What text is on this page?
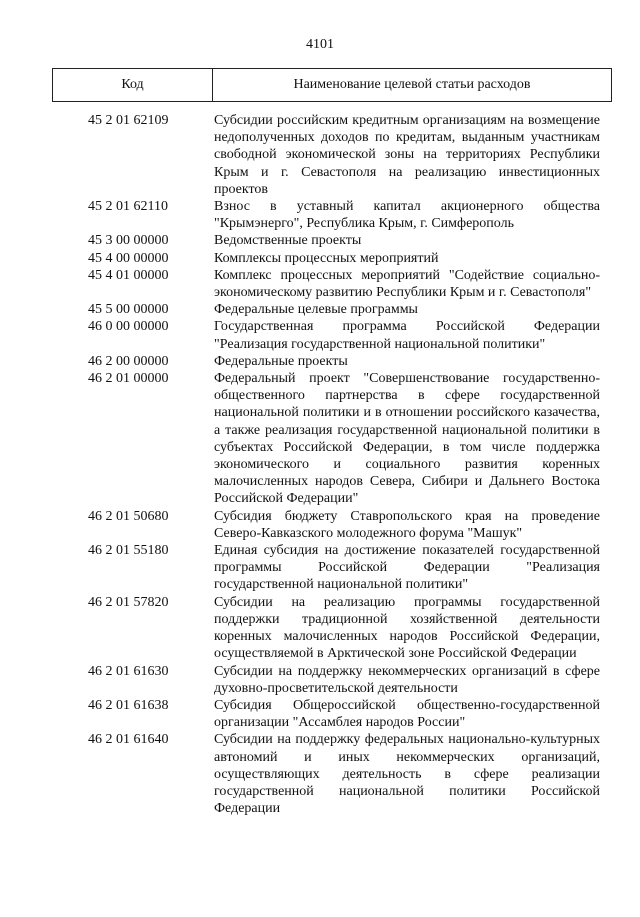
4101
Код	Наименование целевой статьи расходов
45 2 01 62109	Субсидии российским кредитным организациям на возмещение недополученных доходов по кредитам, выданным участникам свободной экономической зоны на территориях Республики Крым и г. Севастополя на реализацию инвестиционных проектов
45 2 01 62110	Взнос в уставный капитал акционерного общества "Крымэнерго", Республика Крым, г. Симферополь
45 3 00 00000	Ведомственные проекты
45 4 00 00000	Комплексы процессных мероприятий
45 4 01 00000	Комплекс процессных мероприятий "Содействие социально-экономическому развитию Республики Крым и г. Севастополя"
45 5 00 00000	Федеральные целевые программы
46 0 00 00000	Государственная программа Российской Федерации "Реализация государственной национальной политики"
46 2 00 00000	Федеральные проекты
46 2 01 00000	Федеральный проект "Совершенствование государственно-общественного партнерства в сфере государственной национальной политики и в отношении российского казачества, а также реализация государственной национальной политики в субъектах Российской Федерации, в том числе поддержка экономического и социального развития коренных малочисленных народов Севера, Сибири и Дальнего Востока Российской Федерации"
46 2 01 50680	Субсидия бюджету Ставропольского края на проведение Северо-Кавказского молодежного форума "Машук"
46 2 01 55180	Единая субсидия на достижение показателей государственной программы Российской Федерации "Реализация государственной национальной политики"
46 2 01 57820	Субсидии на реализацию программы государственной поддержки традиционной хозяйственной деятельности коренных малочисленных народов Российской Федерации, осуществляемой в Арктической зоне Российской Федерации
46 2 01 61630	Субсидии на поддержку некоммерческих организаций в сфере духовно-просветительской деятельности
46 2 01 61638	Субсидия Общероссийской общественно-государственной организации "Ассамблея народов России"
46 2 01 61640	Субсидии на поддержку федеральных национально-культурных автономий и иных некоммерческих организаций, осуществляющих деятельность в сфере реализации государственной национальной политики Российской Федерации
